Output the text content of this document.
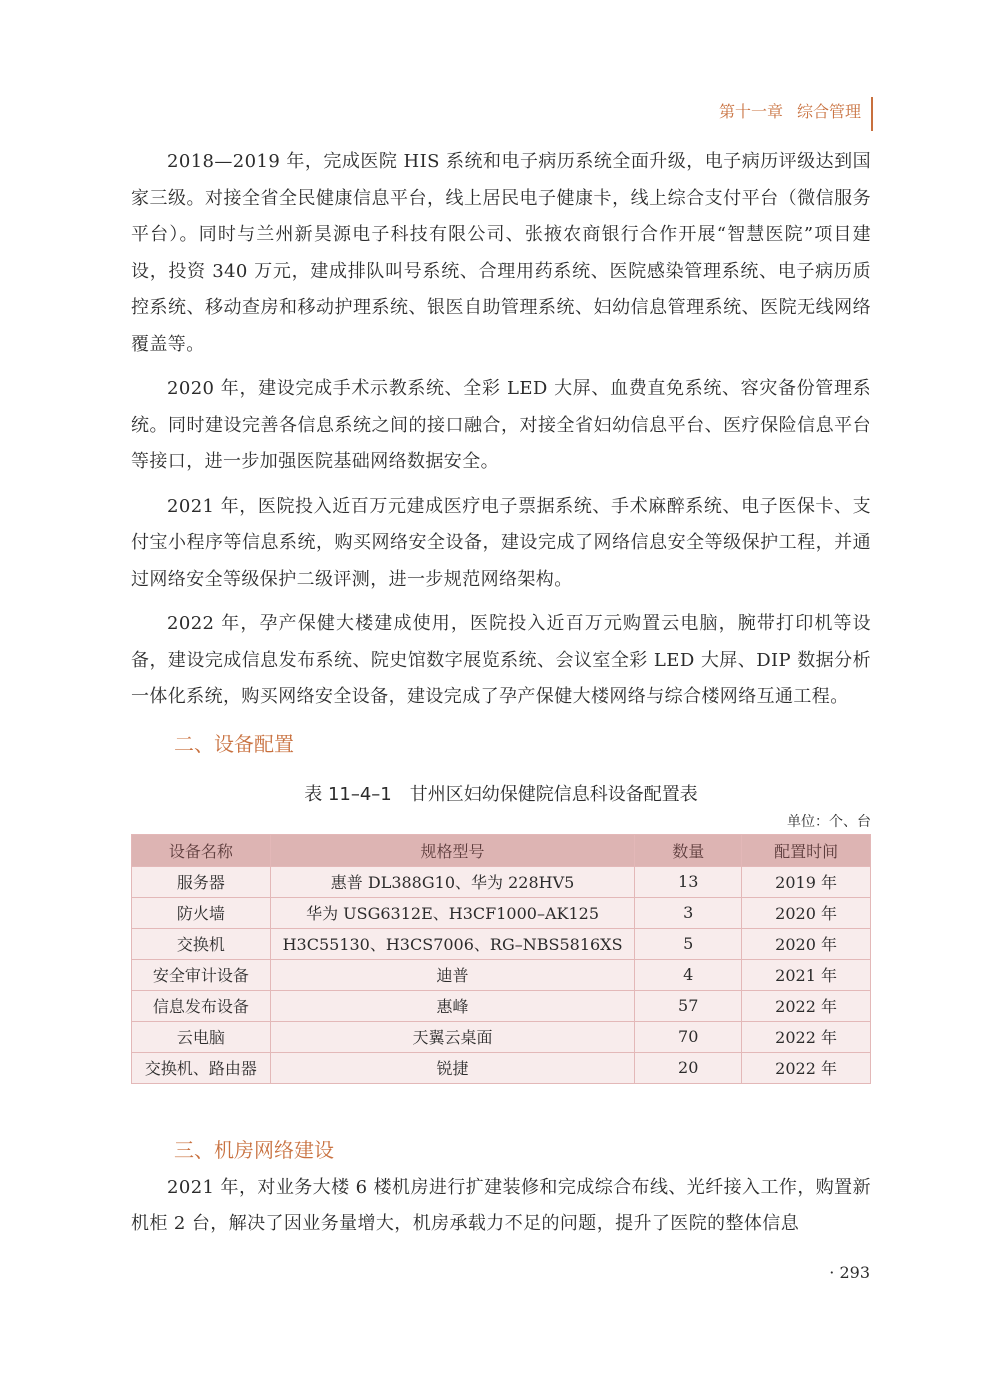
第十一章 综合管理

2018—2019 年，完成医院 HIS 系统和电子病历系统全面升级，电子病历评级达到国家三级。对接全省全民健康信息平台，线上居民电子健康卡，线上综合支付平台（微信服务平台）。同时与兰州新昊源电子科技有限公司、张掖农商银行合作开展“智慧医院”项目建设，投资 340 万元，建成排队叫号系统、合理用药系统、医院感染管理系统、电子病历质控系统、移动查房和移动护理系统、银医自助管理系统、妇幼信息管理系统、医院无线网络覆盖等。

2020 年，建设完成手术示教系统、全彩 LED 大屏、血费直免系统、容灾备份管理系统。同时建设完善各信息系统之间的接口融合，对接全省妇幼信息平台、医疗保险信息平台等接口，进一步加强医院基础网络数据安全。

2021 年，医院投入近百万元建成医疗电子票据系统、手术麻醉系统、电子医保卡、支付宝小程序等信息系统，购买网络安全设备，建设完成了网络信息安全等级保护工程，并通过网络安全等级保护二级评测，进一步规范网络架构。

2022 年，孕产保健大楼建成使用，医院投入近百万元购置云电脑，腕带打印机等设备，建设完成信息发布系统、院史馆数字展览系统、会议室全彩 LED 大屏、DIP 数据分析一体化系统，购买网络安全设备，建设完成了孕产保健大楼网络与综合楼网络互通工程。

二、设备配置
表 11–4–1　甘州区妇幼保健院信息科设备配置表
单位：个、台
设备名称	规格型号	数量	配置时间
服务器	惠普 DL388G10、华为 228HV5	13	2019 年
防火墙	华为 USG6312E、H3CF1000–AK125	3	2020 年
交换机	H3C55130、H3CS7006、RG–NBS5816XS	5	2020 年
安全审计设备	迪普	4	2021 年
信息发布设备	惠峰	57	2022 年
云电脑	天翼云桌面	70	2022 年
交换机、路由器	锐捷	20	2022 年
三、机房网络建设

2021 年，对业务大楼 6 楼机房进行扩建装修和完成综合布线、光纤接入工作，购置新机柜 2 台，解决了因业务量增大，机房承载力不足的问题，提升了医院的整体信息

· 293
